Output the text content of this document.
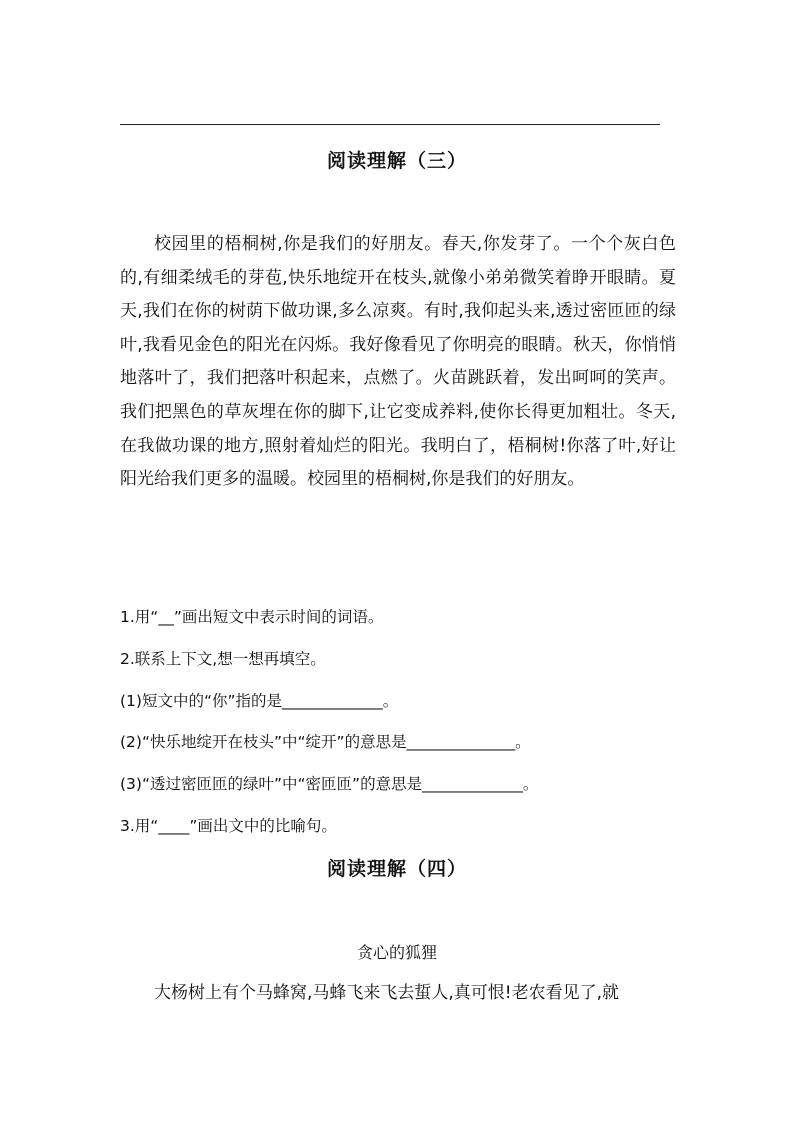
阅读理解（三）

校园里的梧桐树,你是我们的好朋友。春天,你发芽了。一个个灰白色的,有细柔绒毛的芽苞,快乐地绽开在枝头,就像小弟弟微笑着睁开眼睛。夏天,我们在你的树荫下做功课,多么凉爽。有时,我仰起头来,透过密匝匝的绿叶,我看见金色的阳光在闪烁。我好像看见了你明亮的眼睛。秋天，你悄悄地落叶了，我们把落叶积起来，点燃了。火苗跳跃着，发出呵呵的笑声。我们把黑色的草灰埋在你的脚下,让它变成养料,使你长得更加粗壮。冬天,在我做功课的地方,照射着灿烂的阳光。我明白了，梧桐树!你落了叶,好让阳光给我们更多的温暖。校园里的梧桐树,你是我们的好朋友。

1.用“__”画出短文中表示时间的词语。

2.联系上下文,想一想再填空。

(1)短文中的“你”指的是_____________。

(2)“快乐地绽开在枝头”中“绽开”的意思是______________。

(3)“透过密匝匝的绿叶”中“密匝匝”的意思是_____________。

3.用“____”画出文中的比喻句。

阅读理解（四）

贪心的狐狸

大杨树上有个马蜂窝,马蜂飞来飞去蜇人,真可恨!老农看见了,就
